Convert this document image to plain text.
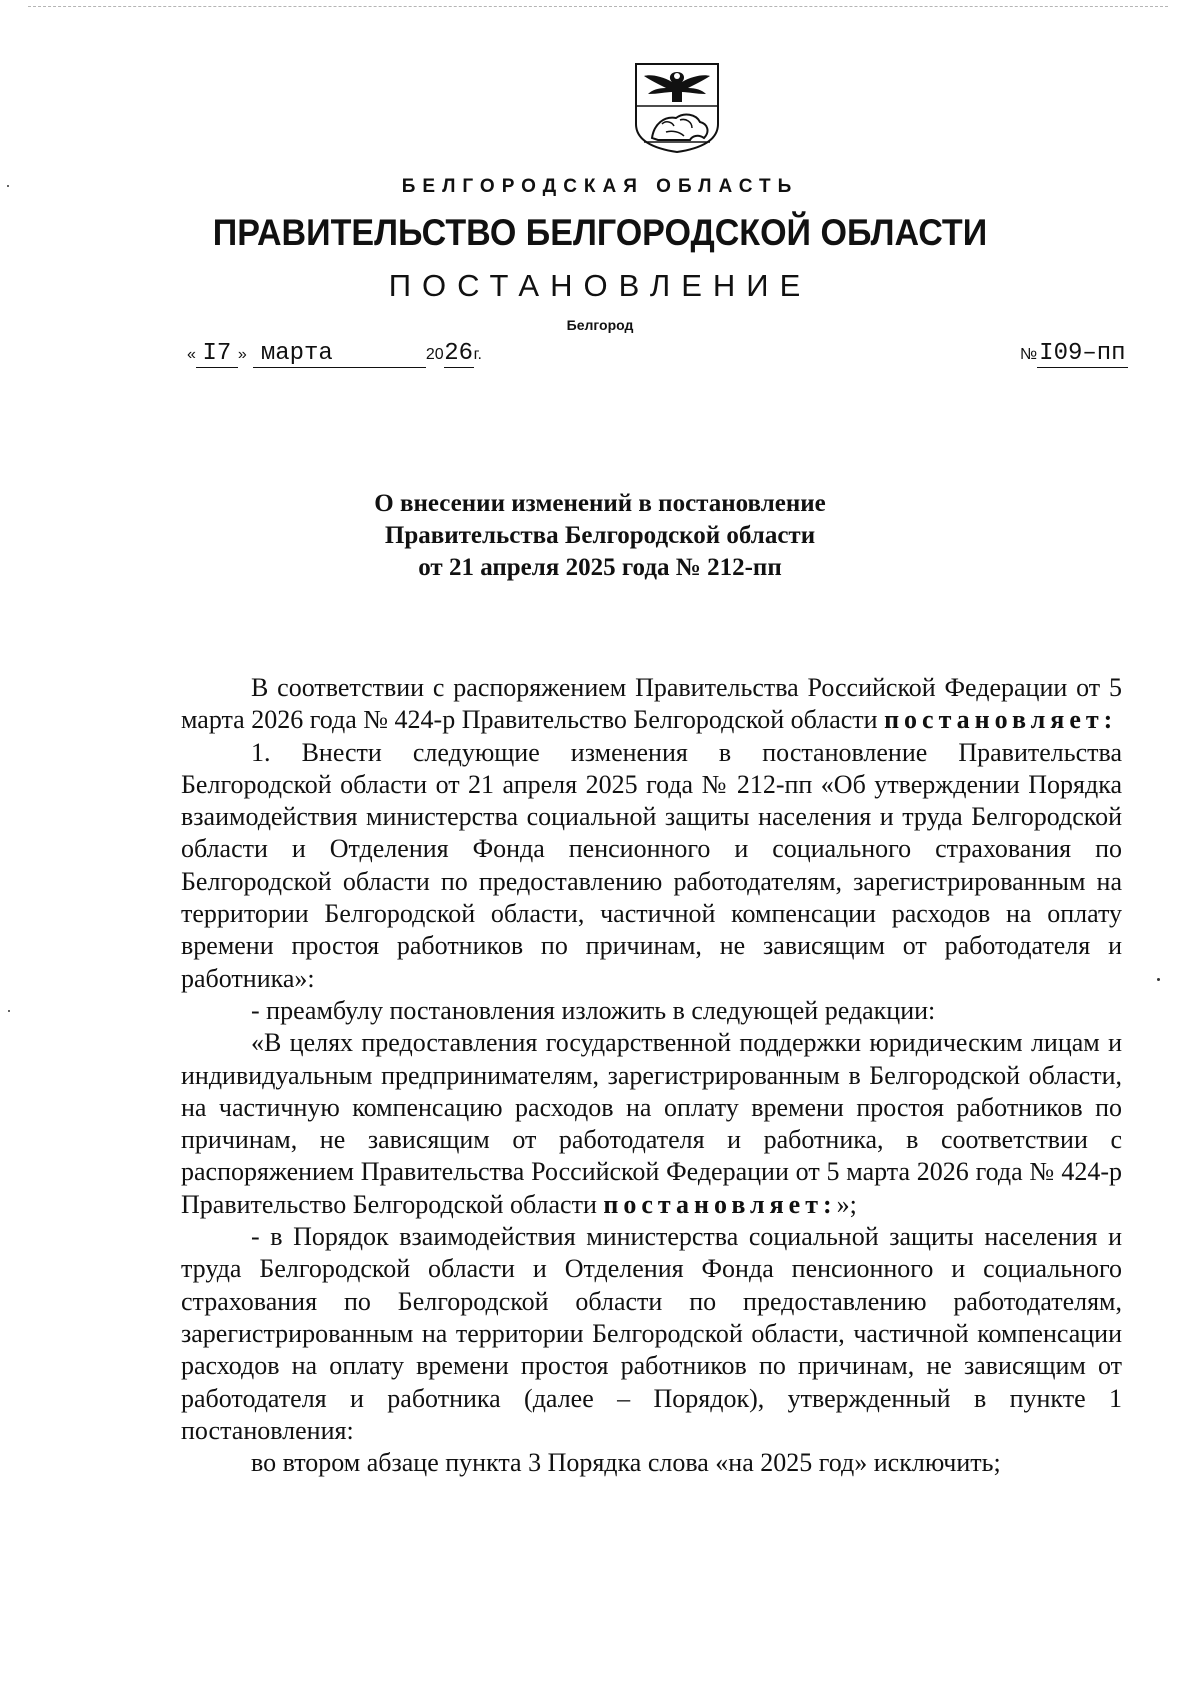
БЕЛГОРОДСКАЯ ОБЛАСТЬ
ПРАВИТЕЛЬСТВО БЕЛГОРОДСКОЙ ОБЛАСТИ
ПОСТАНОВЛЕНИЕ
Белгород
« I7 » марта	2026г.	№I09–пп
О внесении изменений в постановление
Правительства Белгородской области
от 21 апреля 2025 года № 212-пп

В соответствии с распоряжением Правительства Российской Федерации от 5 марта 2026 года № 424-р Правительство Белгородской области постановляет:

1. Внести следующие изменения в постановление Правительства Белгородской области от 21 апреля 2025 года № 212-пп «Об утверждении Порядка взаимодействия министерства социальной защиты населения и труда Белгородской области и Отделения Фонда пенсионного и социального страхования по Белгородской области по предоставлению работодателям, зарегистрированным на территории Белгородской области, частичной компенсации расходов на оплату времени простоя работников по причинам, не зависящим от работодателя и работника»:

- преамбулу постановления изложить в следующей редакции:

«В целях предоставления государственной поддержки юридическим лицам и индивидуальным предпринимателям, зарегистрированным в Белгородской области, на частичную компенсацию расходов на оплату времени простоя работников по причинам, не зависящим от работодателя и работника, в соответствии с распоряжением Правительства Российской Федерации от 5 марта 2026 года № 424-р Правительство Белгородской области постановляет:»;

- в Порядок взаимодействия министерства социальной защиты населения и труда Белгородской области и Отделения Фонда пенсионного и социального страхования по Белгородской области по предоставлению работодателям, зарегистрированным на территории Белгородской области, частичной компенсации расходов на оплату времени простоя работников по причинам, не зависящим от работодателя и работника (далее – Порядок), утвержденный в пункте 1 постановления:

во втором абзаце пункта 3 Порядка слова «на 2025 год» исключить;
